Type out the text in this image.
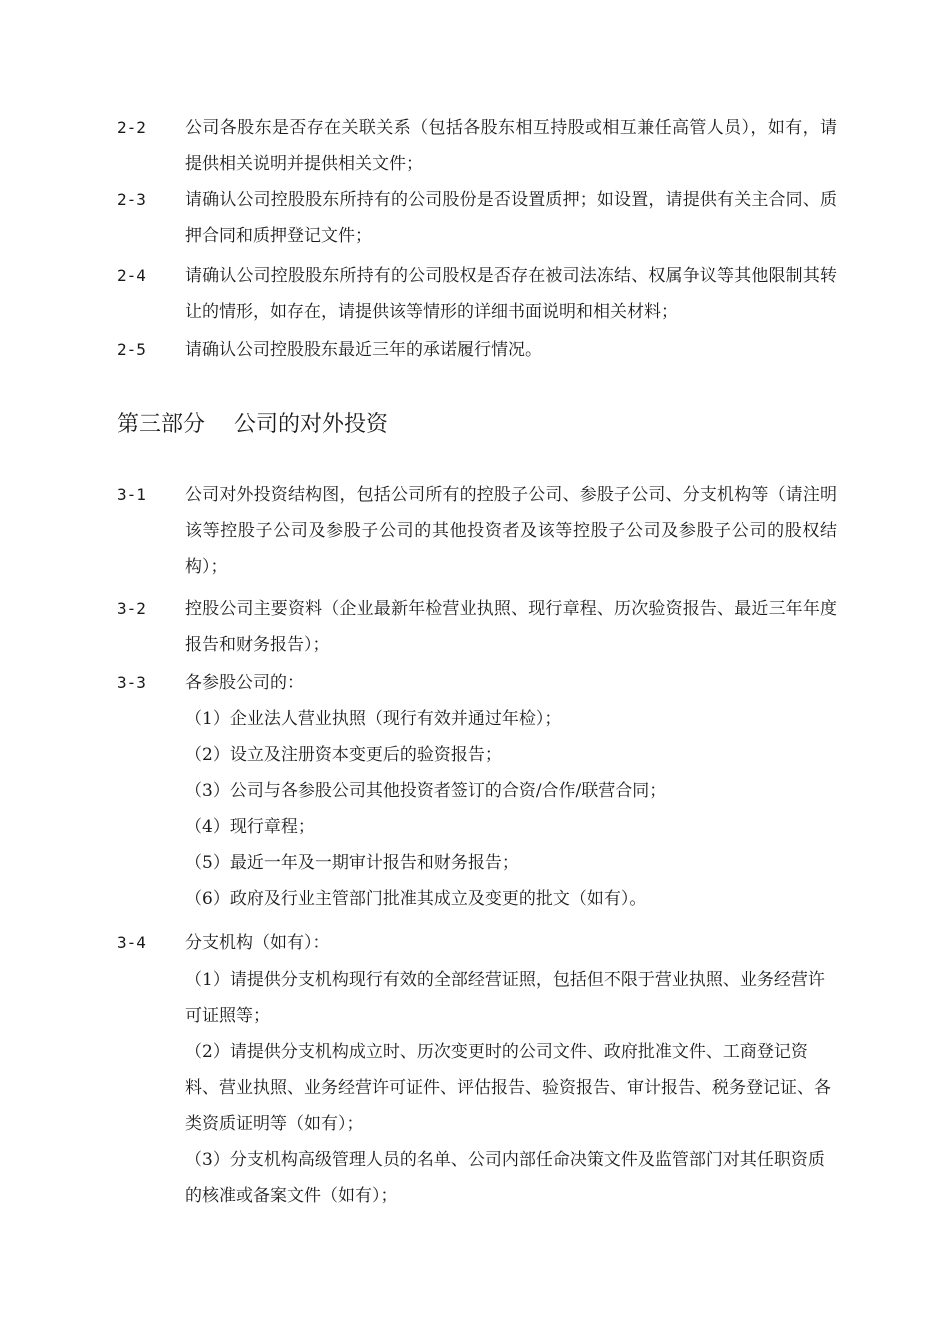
2-2	公司各股东是否存在关联关系（包括各股东相互持股或相互兼任高管人员），如有，请提供相关说明并提供相关文件；
2-3	请确认公司控股股东所持有的公司股份是否设置质押；如设置，请提供有关主合同、质押合同和质押登记文件；
2-4	请确认公司控股股东所持有的公司股权是否存在被司法冻结、权属争议等其他限制其转让的情形，如存在，请提供该等情形的详细书面说明和相关材料；
2-5	请确认公司控股股东最近三年的承诺履行情况。
第三部分　 公司的对外投资
3-1	公司对外投资结构图，包括公司所有的控股子公司、参股子公司、分支机构等（请注明该等控股子公司及参股子公司的其他投资者及该等控股子公司及参股子公司的股权结构）；
3-2	控股公司主要资料（企业最新年检营业执照、现行章程、历次验资报告、最近三年年度报告和财务报告）；
3-3	各参股公司的：

（1）企业法人营业执照（现行有效并通过年检）；

（2）设立及注册资本变更后的验资报告；

（3）公司与各参股公司其他投资者签订的合资/合作/联营合同；

（4）现行章程；

（5）最近一年及一期审计报告和财务报告；

（6）政府及行业主管部门批准其成立及变更的批文（如有）。

3-4	分支机构（如有）：

（1）请提供分支机构现行有效的全部经营证照，包括但不限于营业执照、业务经营许可证照等；

（2）请提供分支机构成立时、历次变更时的公司文件、政府批准文件、工商登记资料、营业执照、业务经营许可证件、评估报告、验资报告、审计报告、税务登记证、各类资质证明等（如有）；

（3）分支机构高级管理人员的名单、公司内部任命决策文件及监管部门对其任职资质的核准或备案文件（如有）；
